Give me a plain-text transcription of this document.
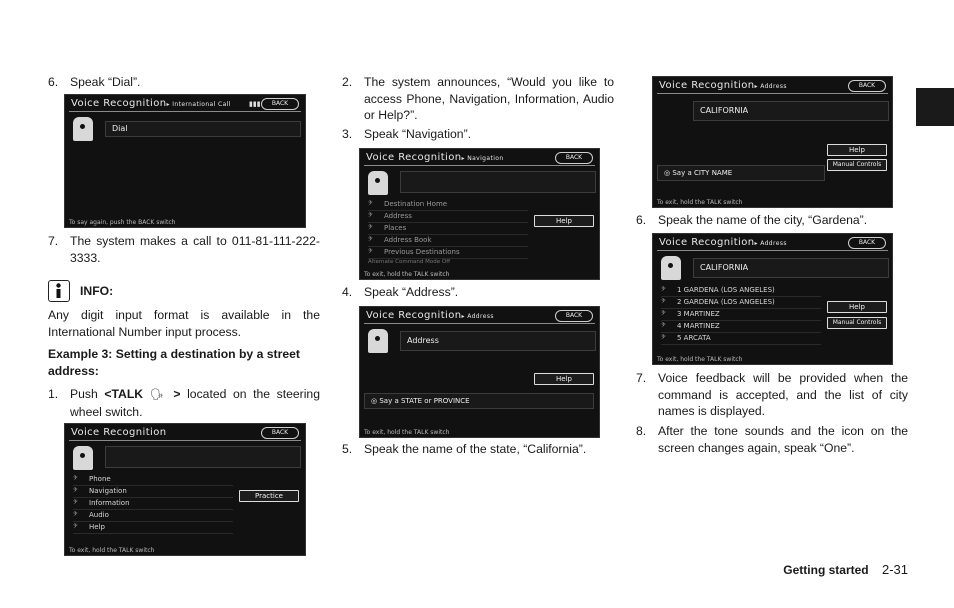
6. Speak “Dial”.
Voice Recognition▸ International Call	▮▮▮	BACK
Dial
To say again, push the BACK switch
7. The system makes a call to 011-81-111-222-3333.
INFO:
Any digit input format is available in the International Number input process.
Example 3: Setting a destination by a street address:
1. Push <TALK 🗣 > located on the steering wheel switch.
Voice Recognition	BACK
𝄢 Phone
𝄢 Navigation
𝄢 Information
𝄢 Audio
𝄢 Help
Practice
To exit, hold the TALK switch
2. The system announces, “Would you like to access Phone, Navigation, Information, Audio or Help?”.
3. Speak “Navigation”.
Voice Recognition▸ Navigation	BACK
𝄢 Destination Home
𝄢 Address
𝄢 Places
𝄢 Address Book
𝄢 Previous Destinations
Alternate Command Mode Off
Help
To exit, hold the TALK switch
4. Speak “Address”.
Voice Recognition▸ Address	BACK
Address
Help
◎ Say a STATE or PROVINCE
To exit, hold the TALK switch
5. Speak the name of the state, “California”.
Voice Recognition▸ Address	BACK
CALIFORNIA
Help
Manual Controls
◎ Say a CITY NAME
To exit, hold the TALK switch
6. Speak the name of the city, “Gardena”.
Voice Recognition▸ Address	BACK
CALIFORNIA
𝄢 1 GARDENA (LOS ANGELES)
𝄢 2 GARDENA (LOS ANGELES)
𝄢 3 MARTINEZ
𝄢 4 MARTINEZ
𝄢 5 ARCATA
Help
Manual Controls
To exit, hold the TALK switch
7. Voice feedback will be provided when the command is accepted, and the list of city names is displayed.
8. After the tone sounds and the icon on the screen changes again, speak “One”.
Getting started 2-31
